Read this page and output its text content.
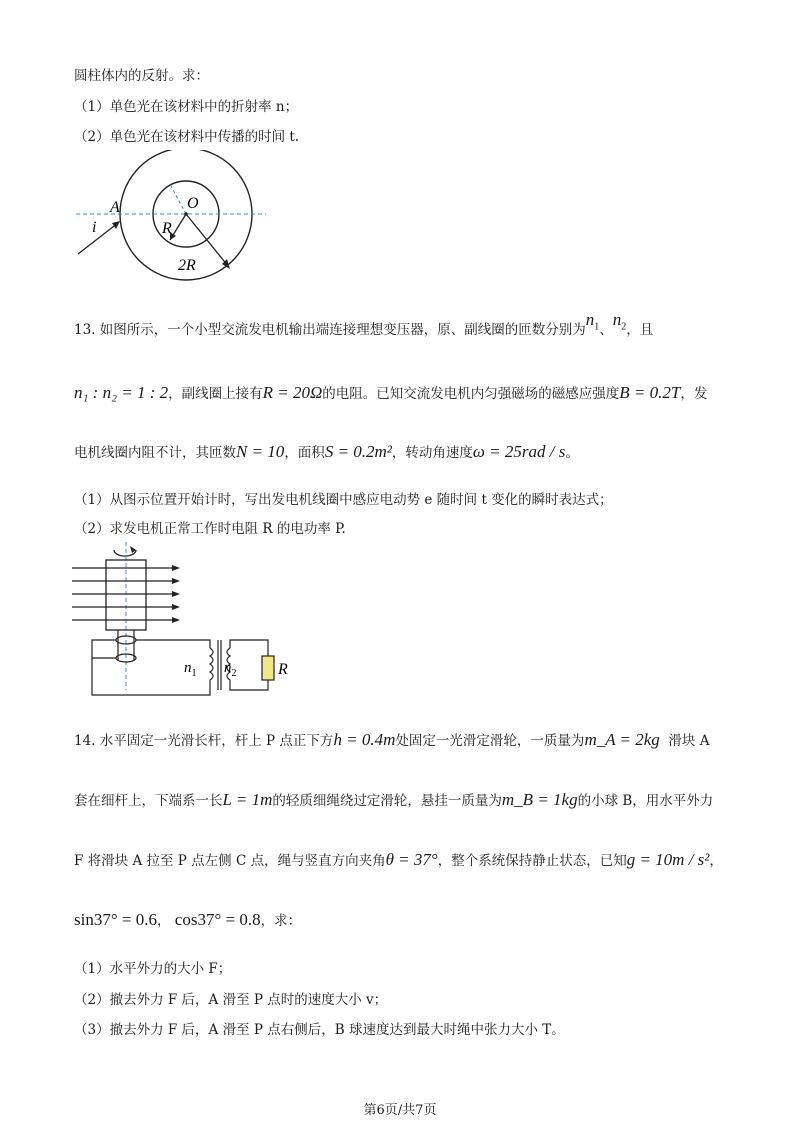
圆柱体内的反射。求：
（1）单色光在该材料中的折射率 n；
（2）单色光在该材料中传播的时间 t.
A	O
i	R
2R
13. 如图所示，一个小型交流发电机输出端连接理想变压器，原、副线圈的匝数分别为$n_1$、$n_2$，且
n₁ : n₂ = 1 : 2，副线圈上接有R = 20Ω的电阻。已知交流发电机内匀强磁场的磁感应强度B = 0.2T，发
电机线圈内阻不计，其匝数N = 10，面积S = 0.2m²，转动角速度ω = 25rad / s。
（1）从图示位置开始计时，写出发电机线圈中感应电动势 e 随时间 t 变化的瞬时表达式；
（2）求发电机正常工作时电阻 R 的电功率 P.
$n_1$ $n_2$	R
14. 水平固定一光滑长杆，杆上 P 点正下方h = 0.4m处固定一光滑定滑轮，一质量为m_A = 2kg 滑块 A
套在细杆上，下端系一长L = 1m的轻质细绳绕过定滑轮，悬挂一质量为m_B = 1kg的小球 B，用水平外力
F 将滑块 A 拉至 P 点左侧 C 点，绳与竖直方向夹角θ = 37°，整个系统保持静止状态，已知g = 10m / s²，
sin37° = 0.6， cos37° = 0.8，求：
（1）水平外力的大小 F；
（2）撤去外力 F 后，A 滑至 P 点时的速度大小 v；
（3）撤去外力 F 后，A 滑至 P 点右侧后，B 球速度达到最大时绳中张力大小 T。
第6页/共7页
